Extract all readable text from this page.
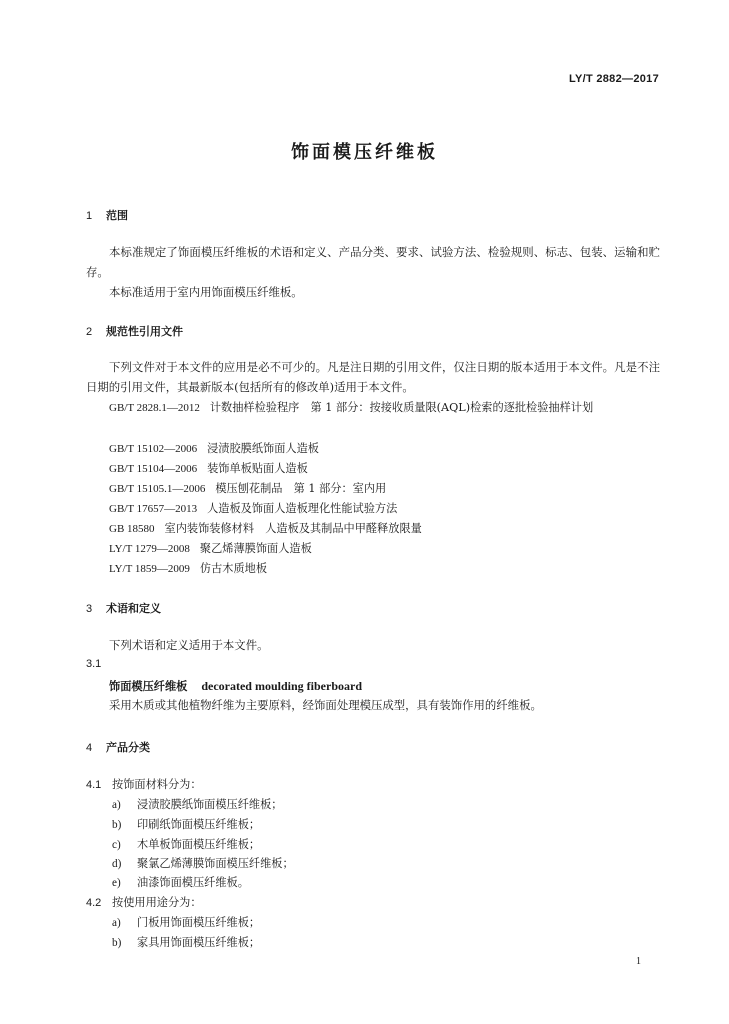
LY/T 2882—2017
饰面模压纤维板
1 范围
本标准规定了饰面模压纤维板的术语和定义、产品分类、要求、试验方法、检验规则、标志、包装、运输和贮存。
本标准适用于室内用饰面模压纤维板。
2 规范性引用文件
下列文件对于本文件的应用是必不可少的。凡是注日期的引用文件，仅注日期的版本适用于本文件。凡是不注日期的引用文件，其最新版本(包括所有的修改单)适用于本文件。
GB/T 2828.1—2012 计数抽样检验程序　第 1 部分：按接收质量限(AQL)检索的逐批检验抽样计划
GB/T 15102—2006 浸渍胶膜纸饰面人造板
GB/T 15104—2006 装饰单板贴面人造板
GB/T 15105.1—2006 模压刨花制品　第 1 部分：室内用
GB/T 17657—2013 人造板及饰面人造板理化性能试验方法
GB 18580 室内装饰装修材料　人造板及其制品中甲醛释放限量
LY/T 1279—2008 聚乙烯薄膜饰面人造板
LY/T 1859—2009 仿古木质地板
3 术语和定义
下列术语和定义适用于本文件。
3.1
饰面模压纤维板 decorated moulding fiberboard
采用木质或其他植物纤维为主要原料，经饰面处理模压成型，具有装饰作用的纤维板。
4 产品分类
4.1 按饰面材料分为：
a) 浸渍胶膜纸饰面模压纤维板；
b) 印刷纸饰面模压纤维板；
c) 木单板饰面模压纤维板；
d) 聚氯乙烯薄膜饰面模压纤维板；
e) 油漆饰面模压纤维板。
4.2 按使用用途分为：
a) 门板用饰面模压纤维板；
b) 家具用饰面模压纤维板；
1
